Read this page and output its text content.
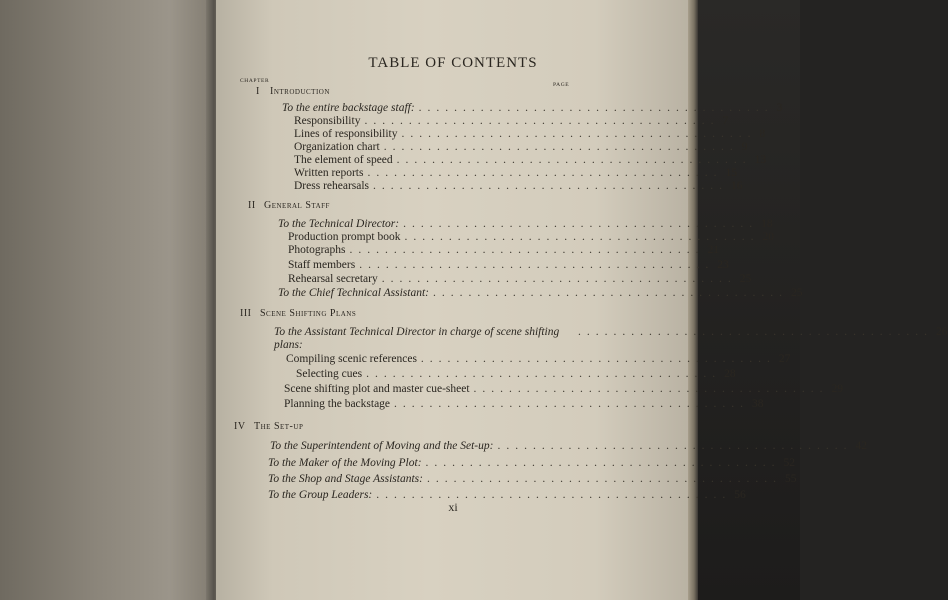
TABLE OF CONTENTS
CHAPTER
PAGE
I	Introduction
To the entire backstage staff: ........................................ 3
Responsibility ........................................ 7
Lines of responsibility ........................................ 8
Organization chart ........................................ 9
The element of speed ........................................ 13
Written reports ........................................ 15
Dress rehearsals ........................................ 16
II General Staff
To the Technical Director: ........................................ 18
Production prompt book ........................................ 20
Photographs ........................................ 21
Staff members ........................................ 23
Rehearsal secretary ........................................ 25
To the Chief Technical Assistant: ........................................ 25
III Scene Shifting Plans
To the Assistant Technical Director in charge of scene shifting plans:
........................................ 26
Compiling scenic references ........................................ 27
Selecting cues ........................................ 28
Scene shifting plot and master cue-sheet ........................................ 29
Planning the backstage ........................................ 38
IV The Set-up
To the Superintendent of Moving and the Set-up: ........................................ 42
To the Maker of the Moving Plot: ........................................ 52
To the Shop and Stage Assistants: ........................................ 55
To the Group Leaders: ........................................ 56
xi
